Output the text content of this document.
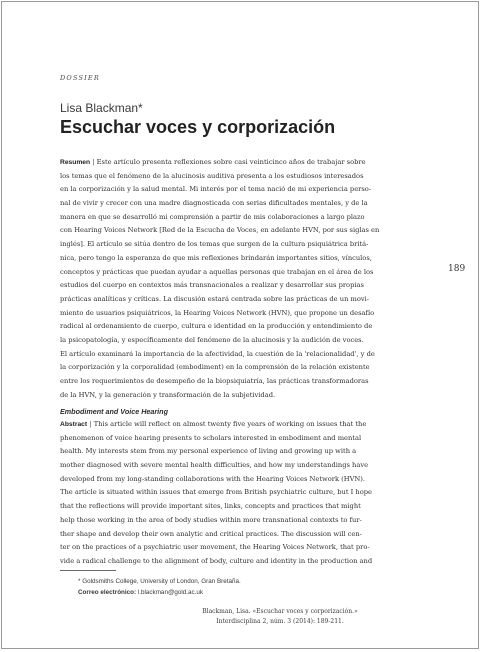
DOSSIER
Lisa Blackman*
Escuchar voces y corporización
Resumen | Este artículo presenta reflexiones sobre casi veinticinco años de trabajar sobre
los temas que el fenómeno de la alucinosis auditiva presenta a los estudiosos interesados
en la corporización y la salud mental. Mi interés por el tema nació de mi experiencia perso-
nal de vivir y crecer con una madre diagnosticada con serias dificultades mentales, y de la
manera en que se desarrolló mi comprensión a partir de mis colaboraciones a largo plazo
con Hearing Voices Network [Red de la Escucha de Voces, en adelante HVN, por sus siglas en
inglés]. El artículo se sitúa dentro de los temas que surgen de la cultura psiquiátrica britá-
nica, pero tengo la esperanza de que mis reflexiones brindarán importantes sitios, vínculos,
conceptos y prácticas que puedan ayudar a aquellas personas que trabajan en el área de los
estudios del cuerpo en contextos más transnacionales a realizar y desarrollar sus propias
prácticas analíticas y críticas. La discusión estará centrada sobre las prácticas de un movi-
miento de usuarios psiquiátricos, la Hearing Voices Network (HVN), que propone un desafío
radical al ordenamiento de cuerpo, cultura e identidad en la producción y entendimiento de
la psicopatología, y específicamente del fenómeno de la alucinosis y la audición de voces.
El artículo examinará la importancia de la afectividad, la cuestión de la 'relacionalidad', y de
la corporización y la corporalidad (embodiment) en la comprensión de la relación existente
entre los requerimientos de desempeño de la biopsiquiatría, las prácticas transformadoras
de la HVN, y la generación y transformación de la subjetividad.
189
Embodiment and Voice Hearing
Abstract | This article will reflect on almost twenty five years of working on issues that the
phenomenon of voice hearing presents to scholars interested in embodiment and mental
health. My interests stem from my personal experience of living and growing up with a
mother diagnosed with severe mental health difficulties, and how my understandings have
developed from my long-standing collaborations with the Hearing Voices Network (HVN).
The article is situated within issues that emerge from British psychiatric culture, but I hope
that the reflections will provide important sites, links, concepts and practices that might
help those working in the area of body studies within more transnational contexts to fur-
ther shape and develop their own analytic and critical practices. The discussion will cen-
ter on the practices of a psychiatric user movement, the Hearing Voices Network, that pro-
vide a radical challenge to the alignment of body, culture and identity in the production and
* Goldsmiths College, University of London, Gran Bretaña.
Correo electrónico: l.blackman@gold.ac.uk
Blackman, Lisa. «Escuchar voces y corporización.»
Interdisciplina 2, núm. 3 (2014): 189-211.
